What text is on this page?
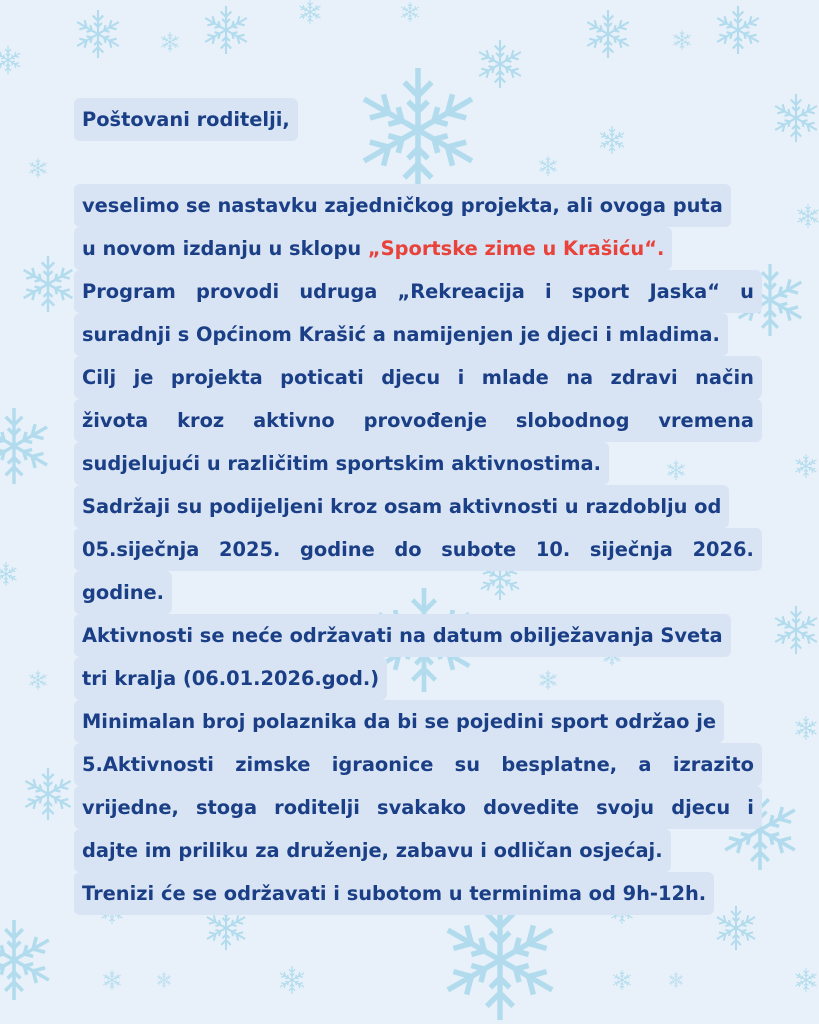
Poštovani roditelji,
veselimo se nastavku zajedničkog projekta, ali ovoga puta
u novom izdanju u sklopu „Sportske zime u Krašiću“.
Program provodi udruga „Rekreacija i sport Jaska“ u
suradnji s Općinom Krašić a namijenjen je djeci i mladima.
Cilj je projekta poticati djecu i mlade na zdravi način
života kroz aktivno provođenje slobodnog vremena
sudjelujući u različitim sportskim aktivnostima.
Sadržaji su podijeljeni kroz osam aktivnosti u razdoblju od
05.siječnja 2025. godine do subote 10. siječnja 2026.
godine.
Aktivnosti se neće održavati na datum obilježavanja Sveta
tri kralja (06.01.2026.god.)
Minimalan broj polaznika da bi se pojedini sport održao je
5.Aktivnosti zimske igraonice su besplatne, a izrazito
vrijedne, stoga roditelji svakako dovedite svoju djecu i
dajte im priliku za druženje, zabavu i odličan osjećaj.
Trenizi će se održavati i subotom u terminima od 9h-12h.
